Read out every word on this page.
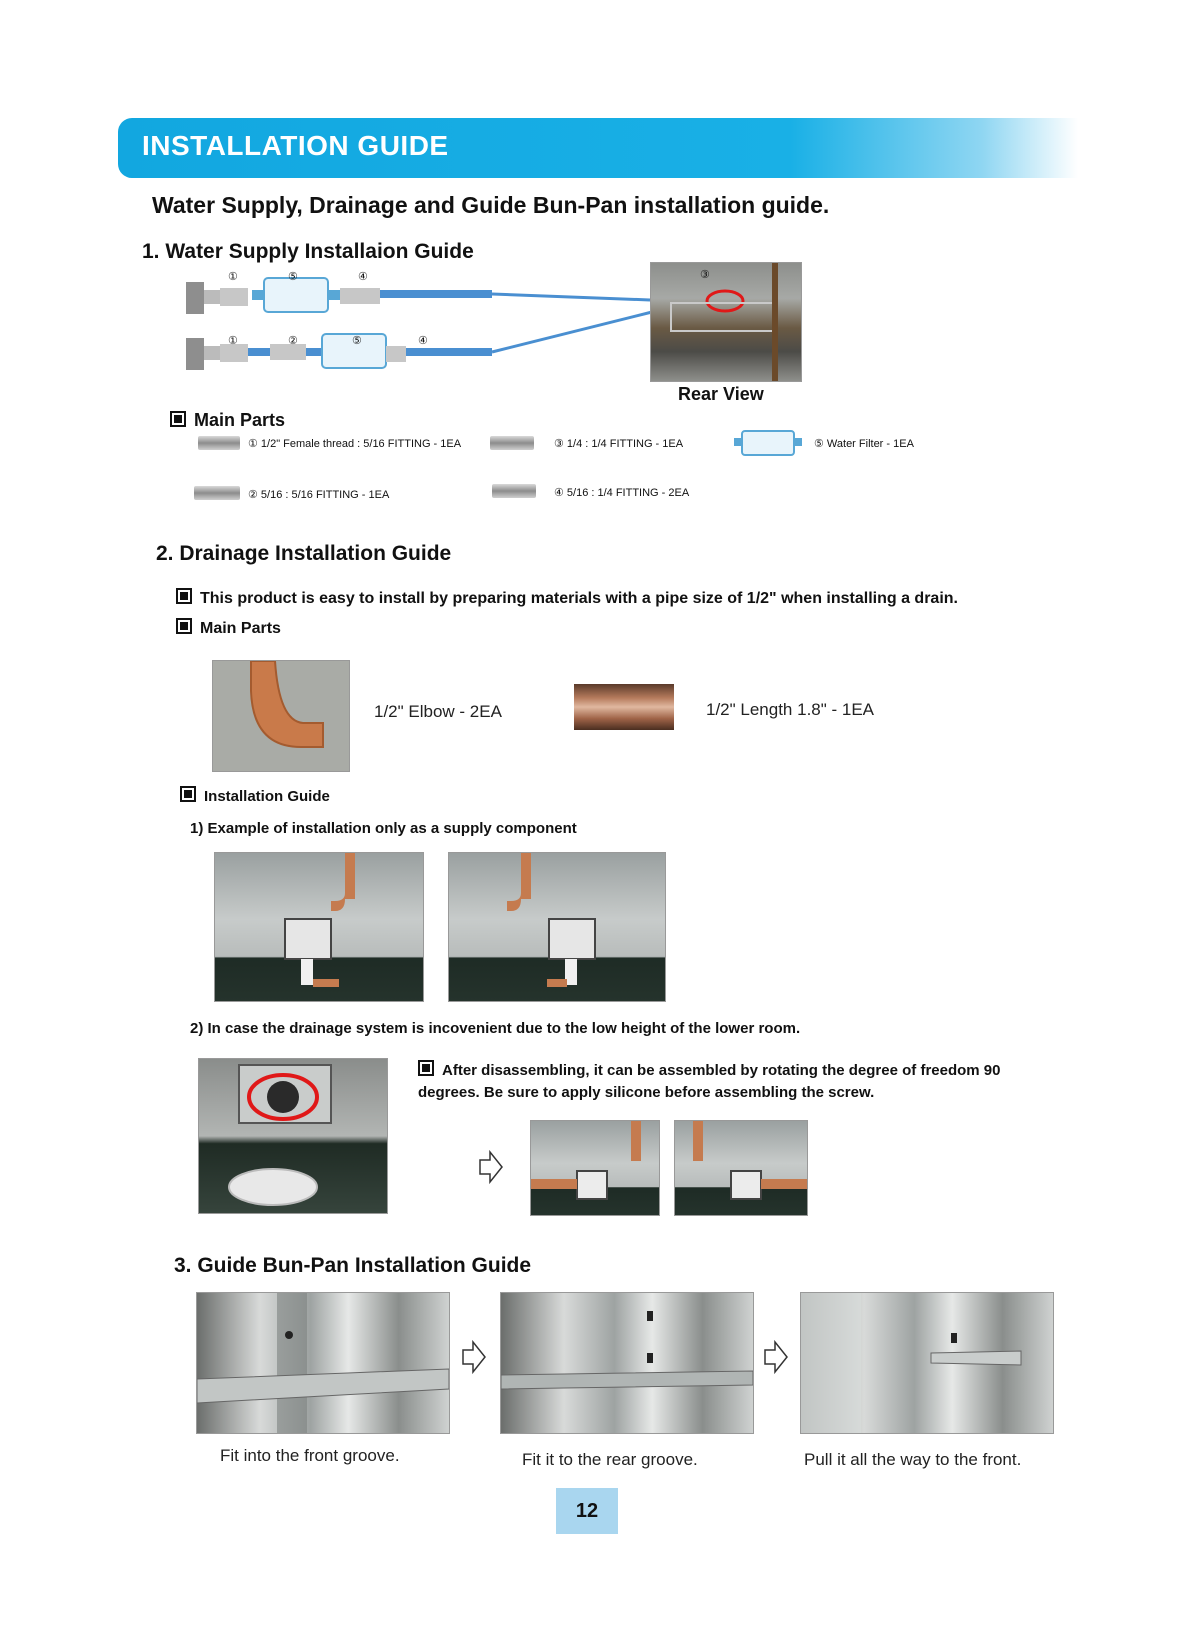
INSTALLATION GUIDE
Water Supply, Drainage and Guide Bun-Pan installation guide.
1. Water Supply Installaion Guide
①	⑤	④
①	②	⑤	④
③
Rear View
Main Parts
① 1/2" Female thread : 5/16 FITTING - 1EA	③ 1/4 : 1/4 FITTING - 1EA	⑤ Water Filter - 1EA
② 5/16 : 5/16 FITTING - 1EA	④ 5/16 : 1/4 FITTING - 2EA
2. Drainage Installation Guide
This product is easy to install by preparing materials with a pipe size of 1/2" when installing a drain.
Main Parts
1/2" Elbow - 2EA	1/2" Length 1.8" - 1EA
Installation Guide
1) Example of installation only as a supply component
2) In case the drainage system is incovenient due to the low height of the lower room.
After disassembling, it can be assembled by rotating the degree of freedom 90 degrees. Be sure to apply silicone before assembling the screw.
3. Guide Bun-Pan Installation Guide
Fit into the front groove.	Fit it to the rear groove.	Pull it all the way to the front.
12
